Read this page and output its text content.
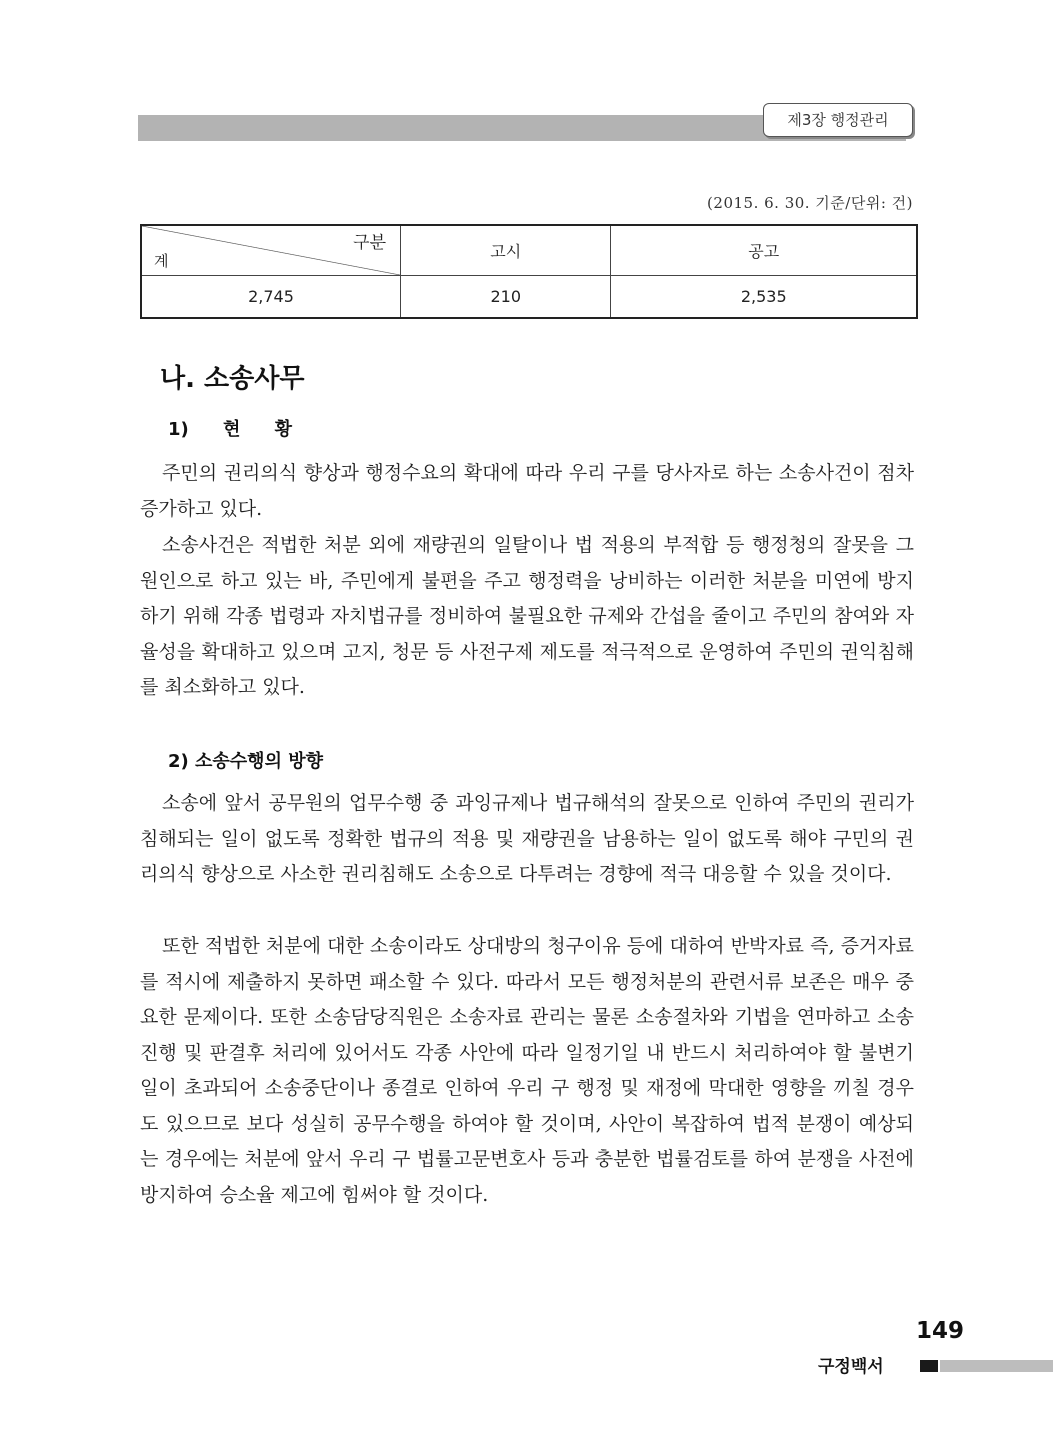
제3장 행정관리
(2015. 6. 30. 기준/단위: 건)
구분
계	고시	공고
2,745	210	2,535
나. 소송사무
1) 현 황

주민의 권리의식 향상과 행정수요의 확대에 따라 우리 구를 당사자로 하는 소송사건이 점차 증가하고 있다.

소송사건은 적법한 처분 외에 재량권의 일탈이나 법 적용의 부적합 등 행정청의 잘못을 그 원인으로 하고 있는 바, 주민에게 불편을 주고 행정력을 낭비하는 이러한 처분을 미연에 방지하기 위해 각종 법령과 자치법규를 정비하여 불필요한 규제와 간섭을 줄이고 주민의 참여와 자율성을 확대하고 있으며 고지, 청문 등 사전구제 제도를 적극적으로 운영하여 주민의 권익침해를 최소화하고 있다.

2) 소송수행의 방향

소송에 앞서 공무원의 업무수행 중 과잉규제나 법규해석의 잘못으로 인하여 주민의 권리가 침해되는 일이 없도록 정확한 법규의 적용 및 재량권을 남용하는 일이 없도록 해야 구민의 권리의식 향상으로 사소한 권리침해도 소송으로 다투려는 경향에 적극 대응할 수 있을 것이다.

또한 적법한 처분에 대한 소송이라도 상대방의 청구이유 등에 대하여 반박자료 즉, 증거자료를 적시에 제출하지 못하면 패소할 수 있다. 따라서 모든 행정처분의 관련서류 보존은 매우 중요한 문제이다. 또한 소송담당직원은 소송자료 관리는 물론 소송절차와 기법을 연마하고 소송 진행 및 판결후 처리에 있어서도 각종 사안에 따라 일정기일 내 반드시 처리하여야 할 불변기일이 초과되어 소송중단이나 종결로 인하여 우리 구 행정 및 재정에 막대한 영향을 끼칠 경우도 있으므로 보다 성실히 공무수행을 하여야 할 것이며, 사안이 복잡하여 법적 분쟁이 예상되는 경우에는 처분에 앞서 우리 구 법률고문변호사 등과 충분한 법률검토를 하여 분쟁을 사전에 방지하여 승소율 제고에 힘써야 할 것이다.

149
구정백서
